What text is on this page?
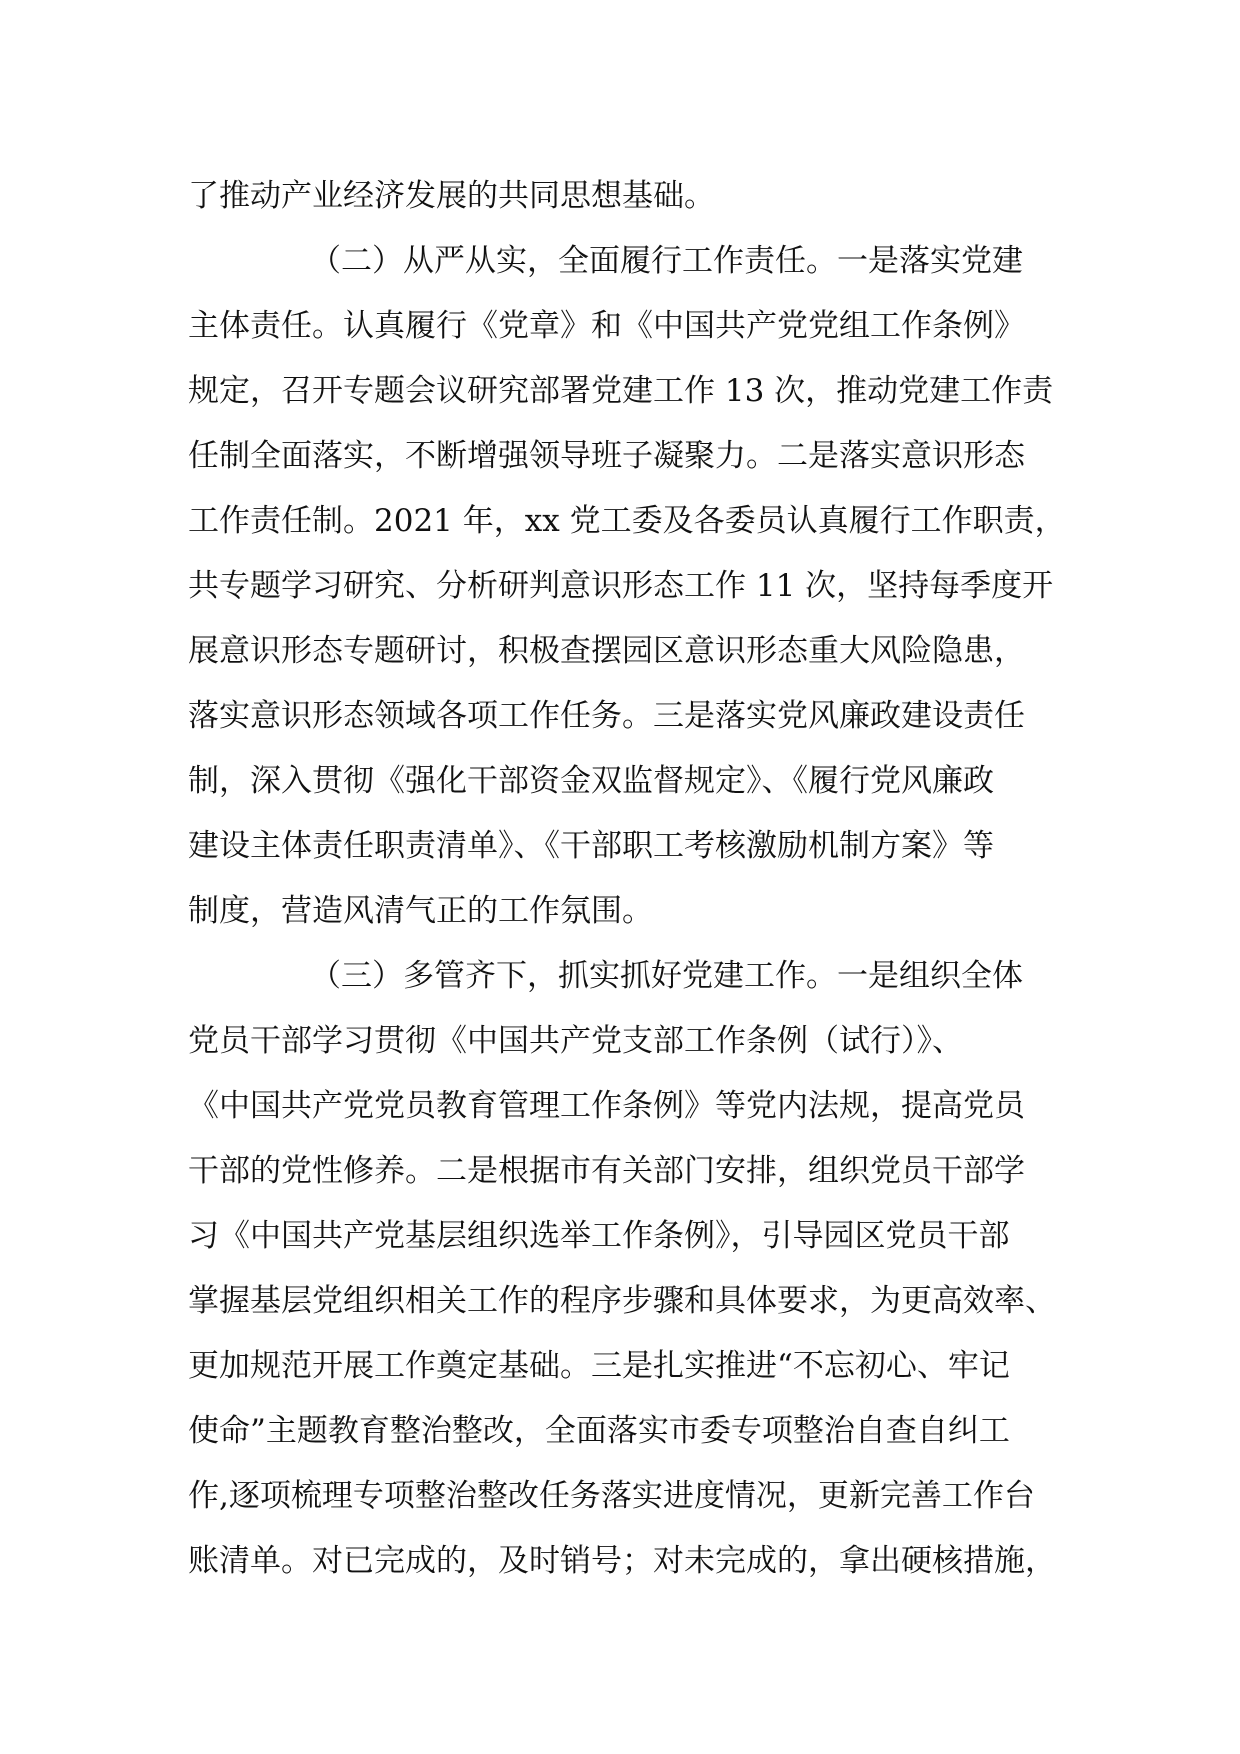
了推动产业经济发展的共同思想基础。
（二）从严从实，全面履行工作责任。一是落实党建
主体责任。认真履行《党章》和《中国共产党党组工作条例》
规定，召开专题会议研究部署党建工作 13 次，推动党建工作责
任制全面落实，不断增强领导班子凝聚力。二是落实意识形态
工作责任制。2021 年，xx 党工委及各委员认真履行工作职责，
共专题学习研究、分析研判意识形态工作 11 次，坚持每季度开
展意识形态专题研讨，积极查摆园区意识形态重大风险隐患，
落实意识形态领域各项工作任务。三是落实党风廉政建设责任
制，深入贯彻《强化干部资金双监督规定》、《履行党风廉政
建设主体责任职责清单》、《干部职工考核激励机制方案》等
制度，营造风清气正的工作氛围。
（三）多管齐下，抓实抓好党建工作。一是组织全体
党员干部学习贯彻《中国共产党支部工作条例（试行）》、
《中国共产党党员教育管理工作条例》等党内法规，提高党员
干部的党性修养。二是根据市有关部门安排，组织党员干部学
习《中国共产党基层组织选举工作条例》，引导园区党员干部
掌握基层党组织相关工作的程序步骤和具体要求，为更高效率、
更加规范开展工作奠定基础。三是扎实推进“不忘初心、牢记
使命”主题教育整治整改，全面落实市委专项整治自查自纠工
作,逐项梳理专项整治整改任务落实进度情况，更新完善工作台
账清单。对已完成的，及时销号；对未完成的，拿出硬核措施，
